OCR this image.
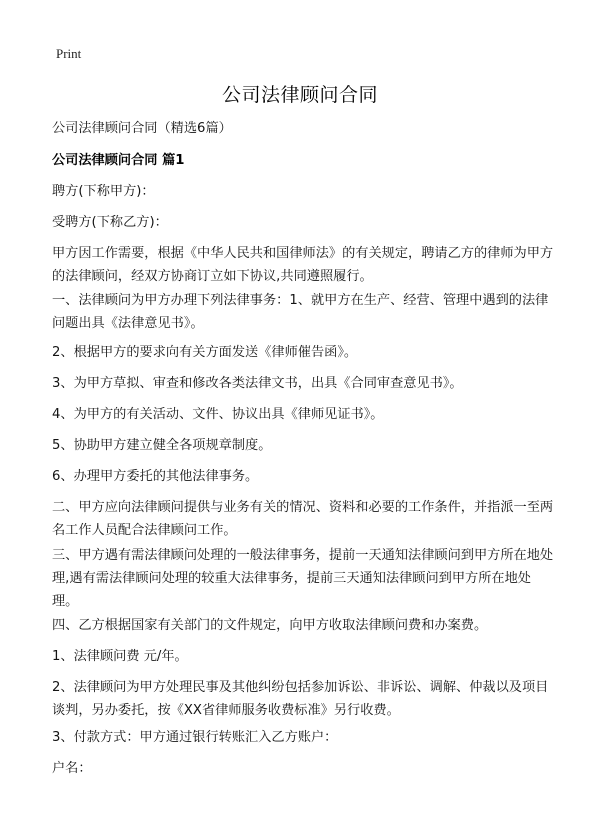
Print
公司法律顾问合同
公司法律顾问合同（精选6篇）
公司法律顾问合同 篇1
聘方(下称甲方)：
受聘方(下称乙方)：
甲方因工作需要，根据《中华人民共和国律师法》的有关规定，聘请乙方的律师为甲方的法律顾问，经双方协商订立如下协议,共同遵照履行。
一、法律顾问为甲方办理下列法律事务：1、就甲方在生产、经营、管理中遇到的法律问题出具《法律意见书》。
2、根据甲方的要求向有关方面发送《律师催告函》。
3、为甲方草拟、审查和修改各类法律文书，出具《合同审查意见书》。
4、为甲方的有关活动、文件、协议出具《律师见证书》。
5、协助甲方建立健全各项规章制度。
6、办理甲方委托的其他法律事务。
二、甲方应向法律顾问提供与业务有关的情况、资料和必要的工作条件，并指派一至两名工作人员配合法律顾问工作。
三、甲方遇有需法律顾问处理的一般法律事务，提前一天通知法律顾问到甲方所在地处理,遇有需法律顾问处理的较重大法律事务，提前三天通知法律顾问到甲方所在地处理。
四、乙方根据国家有关部门的文件规定，向甲方收取法律顾问费和办案费。
1、法律顾问费 元/年。
2、法律顾问为甲方处理民事及其他纠纷包括参加诉讼、非诉讼、调解、仲裁以及项目谈判，另办委托，按《XX省律师服务收费标准》另行收费。
3、付款方式：甲方通过银行转账汇入乙方账户：
户名：
